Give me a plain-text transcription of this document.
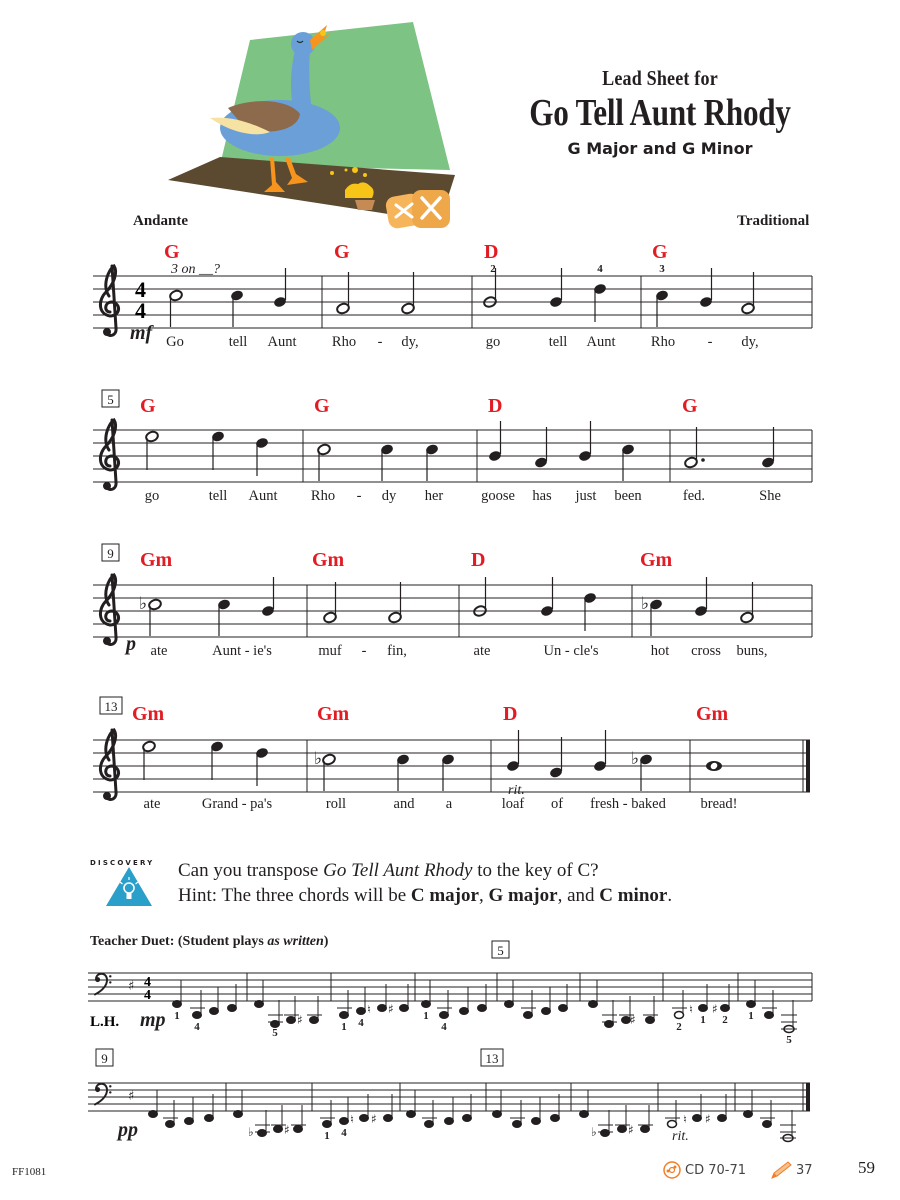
Lead Sheet for
Go Tell Aunt Rhody
G Major and G Minor
Andante	Traditional
4
4
G	G	D	G
3 on __?	2	4	3
mf Go	tell Aunt Rho - dy,	go	tell Aunt Rho - dy,
5 G	G	D	G
go	tell Aunt Rho - dy her	goose has just been	fed.	She
9
♭	♭
Gm	Gm	D	Gm
p ate	Aunt - ie's	muf - fin,	ate	Un - cle's	hot cross buns,
13
♭	♭
Gm	Gm	D	Gm
rit.
ate	Grand - pa's	roll	and a	loaf of fresh - baked bread!
5
♯ 4
4
♯	♯
♮ ♯	♮ ♯
L.H. mp 1
4	5	1 4
1
4	2
1 2 1
5
9	13
♯
♭	♯	♭	♯
♮ ♯	♮ ♯
pp	1 4	rit.
DISCOVERY Can you transpose Go Tell Aunt Rhody to the key of C?
Hint: The three chords will be C major, G major, and C minor.
Teacher Duet: (Student plays as written)
FF1081	CD 70-71	37	59
